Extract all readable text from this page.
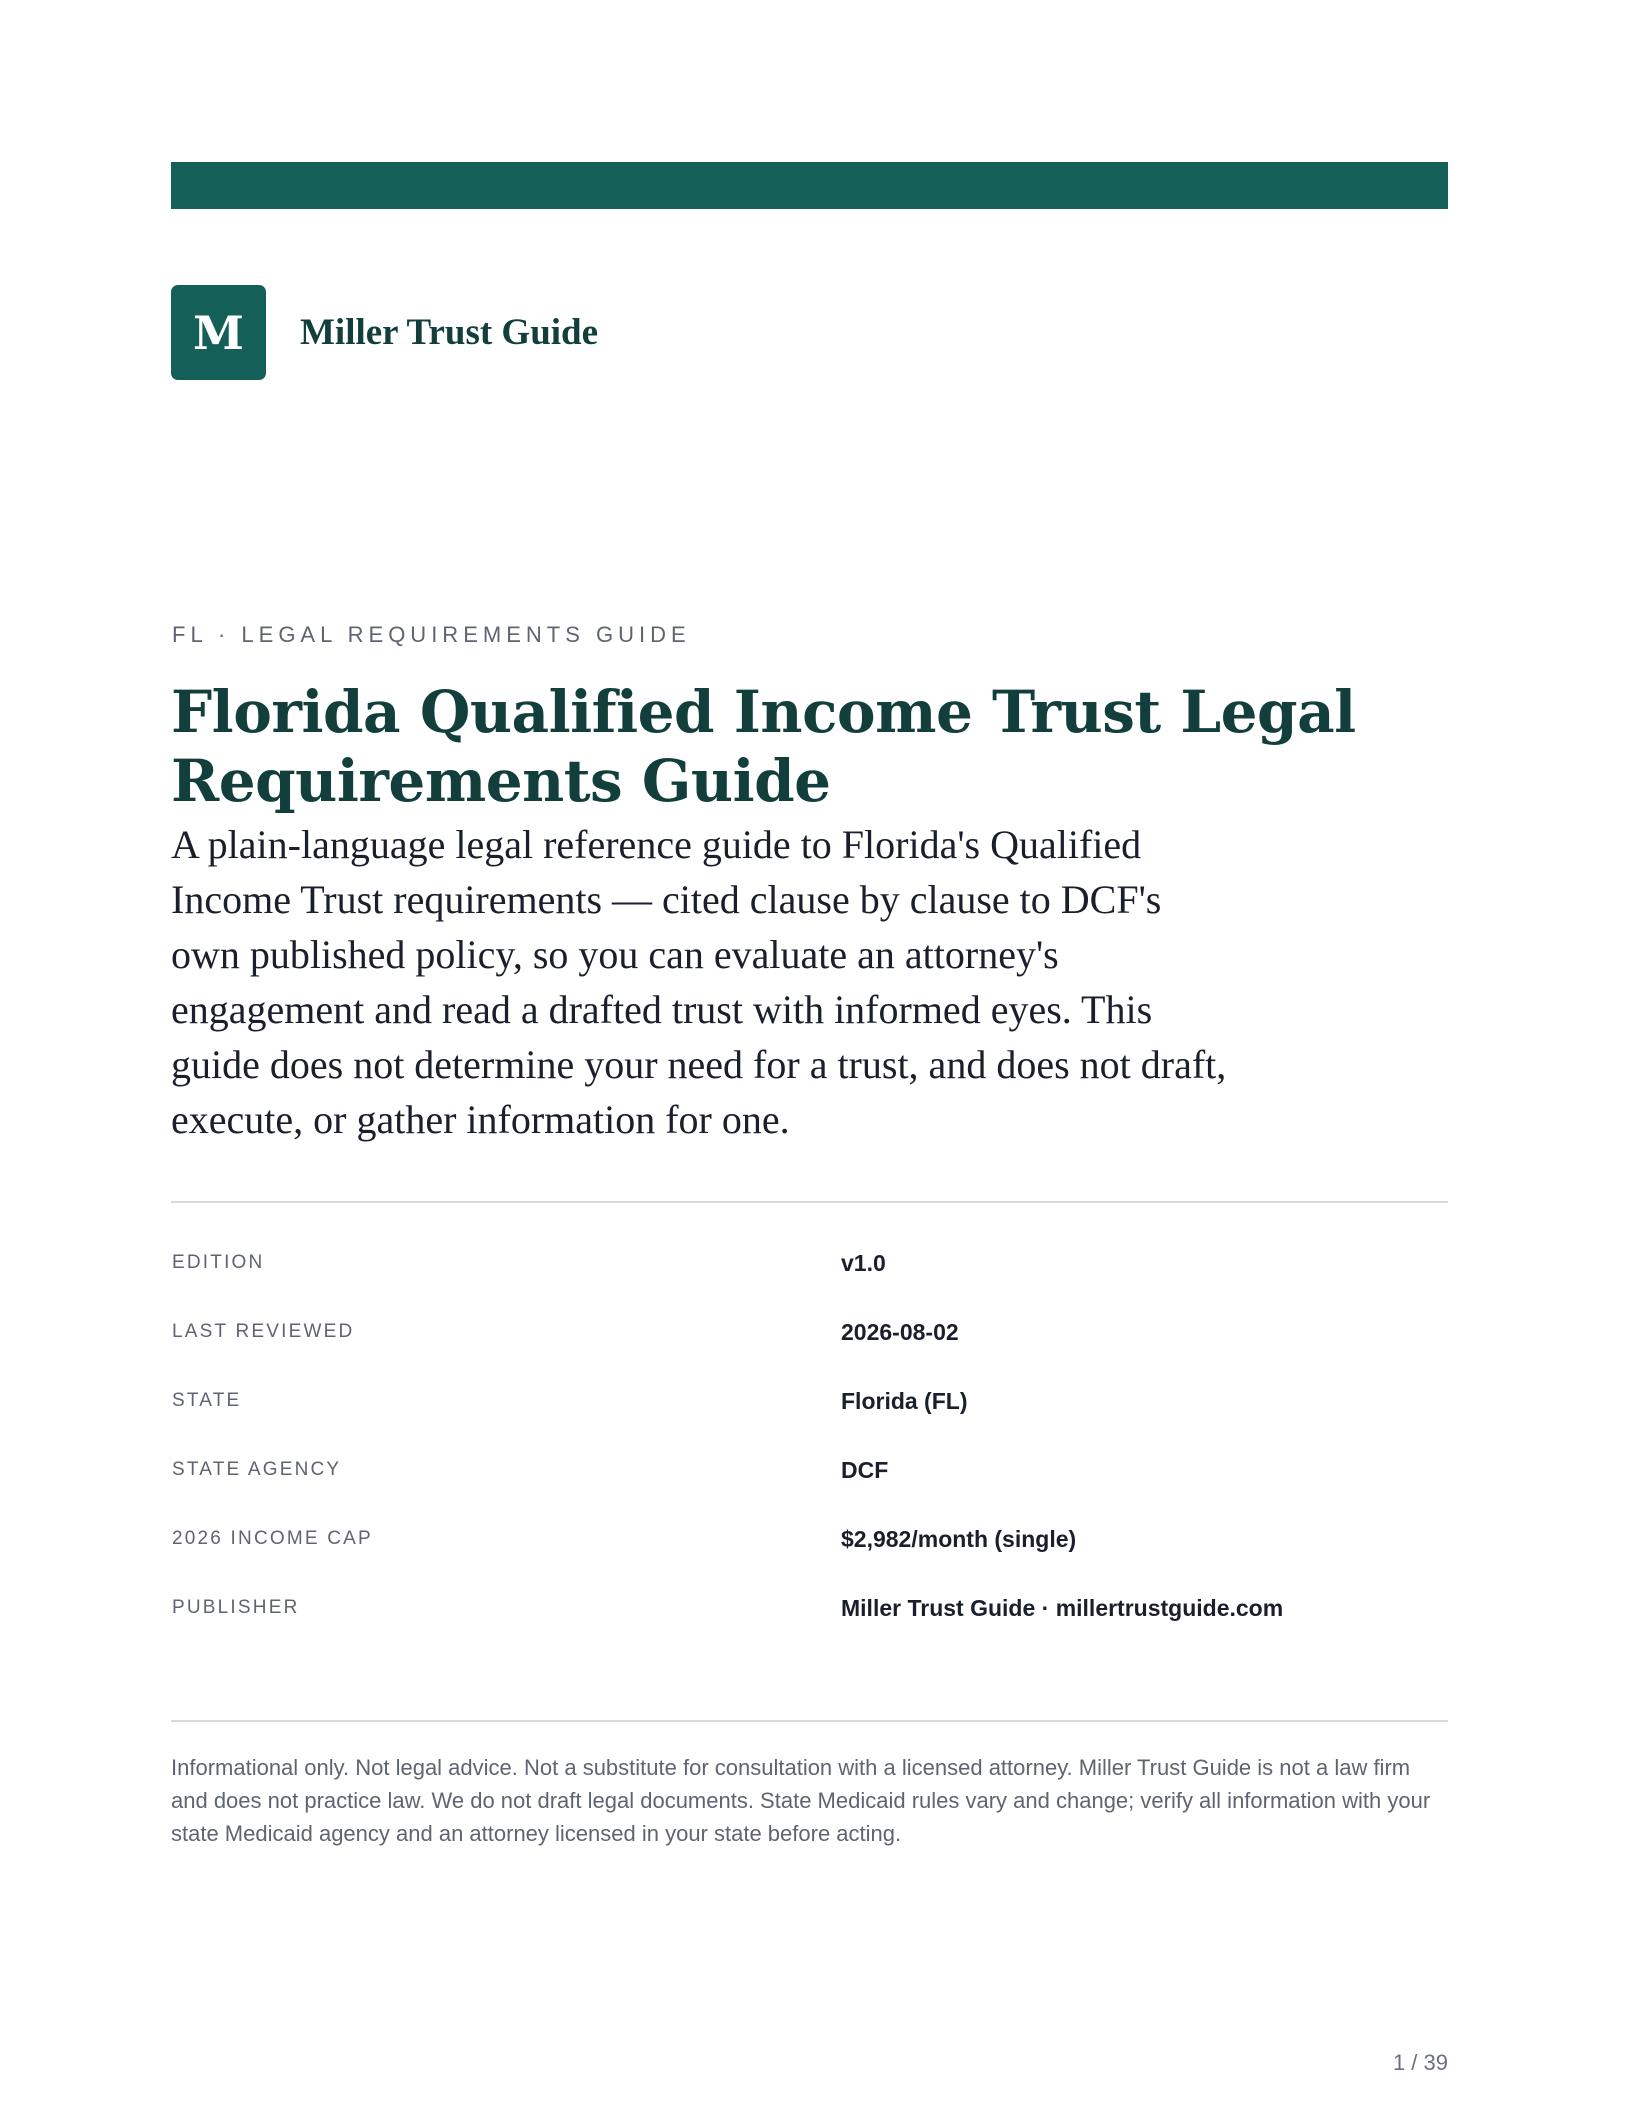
M	Miller Trust Guide
FL · LEGAL REQUIREMENTS GUIDE
Florida Qualified Income Trust Legal Requirements Guide

A plain-language legal reference guide to Florida's Qualified Income Trust requirements — cited clause by clause to DCF's own published policy, so you can evaluate an attorney's engagement and read a drafted trust with informed eyes. This guide does not determine your need for a trust, and does not draft, execute, or gather information for one.

EDITION	v1.0
LAST REVIEWED	2026-08-02
STATE	Florida (FL)
STATE AGENCY	DCF
2026 INCOME CAP	$2,982/month (single)
PUBLISHER	Miller Trust Guide · millertrustguide.com

Informational only. Not legal advice. Not a substitute for consultation with a licensed attorney. Miller Trust Guide is not a law firm and does not practice law. We do not draft legal documents. State Medicaid rules vary and change; verify all information with your state Medicaid agency and an attorney licensed in your state before acting.

1 / 39
